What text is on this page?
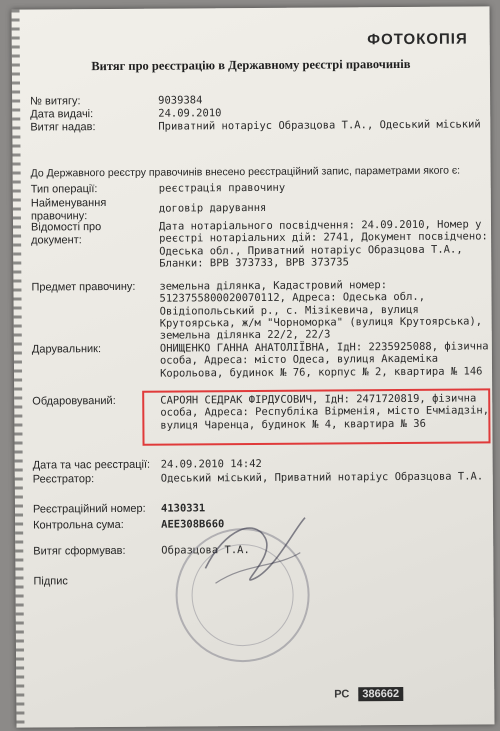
ФОТОКОПІЯ
Витяг про реєстрацію в Державному реєстрі правочинів
№ витягу:	9039384
Дата видачі:	24.09.2010
Витяг надав:	Приватний нотаріус Образцова Т.А., Одеський міський
До Державного реєстру правочинів внесено реєстраційний запис, параметрами якого є:
Тип операції:	реєстрація правочину
Найменування правочину:
договір дарування
Відомості про документ:
Дата нотаріального посвідчення: 24.09.2010, Номер у реєстрі нотаріальних дій: 2741, Документ посвідчено: Одеська обл., Приватний нотаріус Образцова Т.А., Бланки: ВРВ 373733, ВРВ 373735
Предмет правочину:	земельна ділянка, Кадастровий номер: 5123755800020070112, Адреса: Одеська обл., Овідіопольський р., с. Мізікевича, вулиця Крутоярська, ж/м "Чорноморка" (вулиця Крутоярська), земельна ділянка 22/2, 22/3
Дарувальник:	ОНИЩЕНКО ГАННА АНАТОЛІЇВНА, ІдН: 2235925088, фізична особа, Адреса: місто Одеса, вулиця Академіка Корольова, будинок № 76, корпус № 2, квартира № 146
Обдаровуваний:	САРОЯН СЕДРАК ФІРДУСОВИЧ, ІдН: 2471720819, фізична особа, Адреса: Республіка Вірменія, місто Ечміадзін, вулиця Чаренца, будинок № 4, квартира № 36
Дата та час реєстрації:	24.09.2010 14:42
Реєстратор:	Одеський міський, Приватний нотаріус Образцова Т.А.
Реєстраційний номер:	4130331
Контрольна сума:	AEE308B660
Витяг сформував:	Образцова Т.А.
Підпис
РС 386662
